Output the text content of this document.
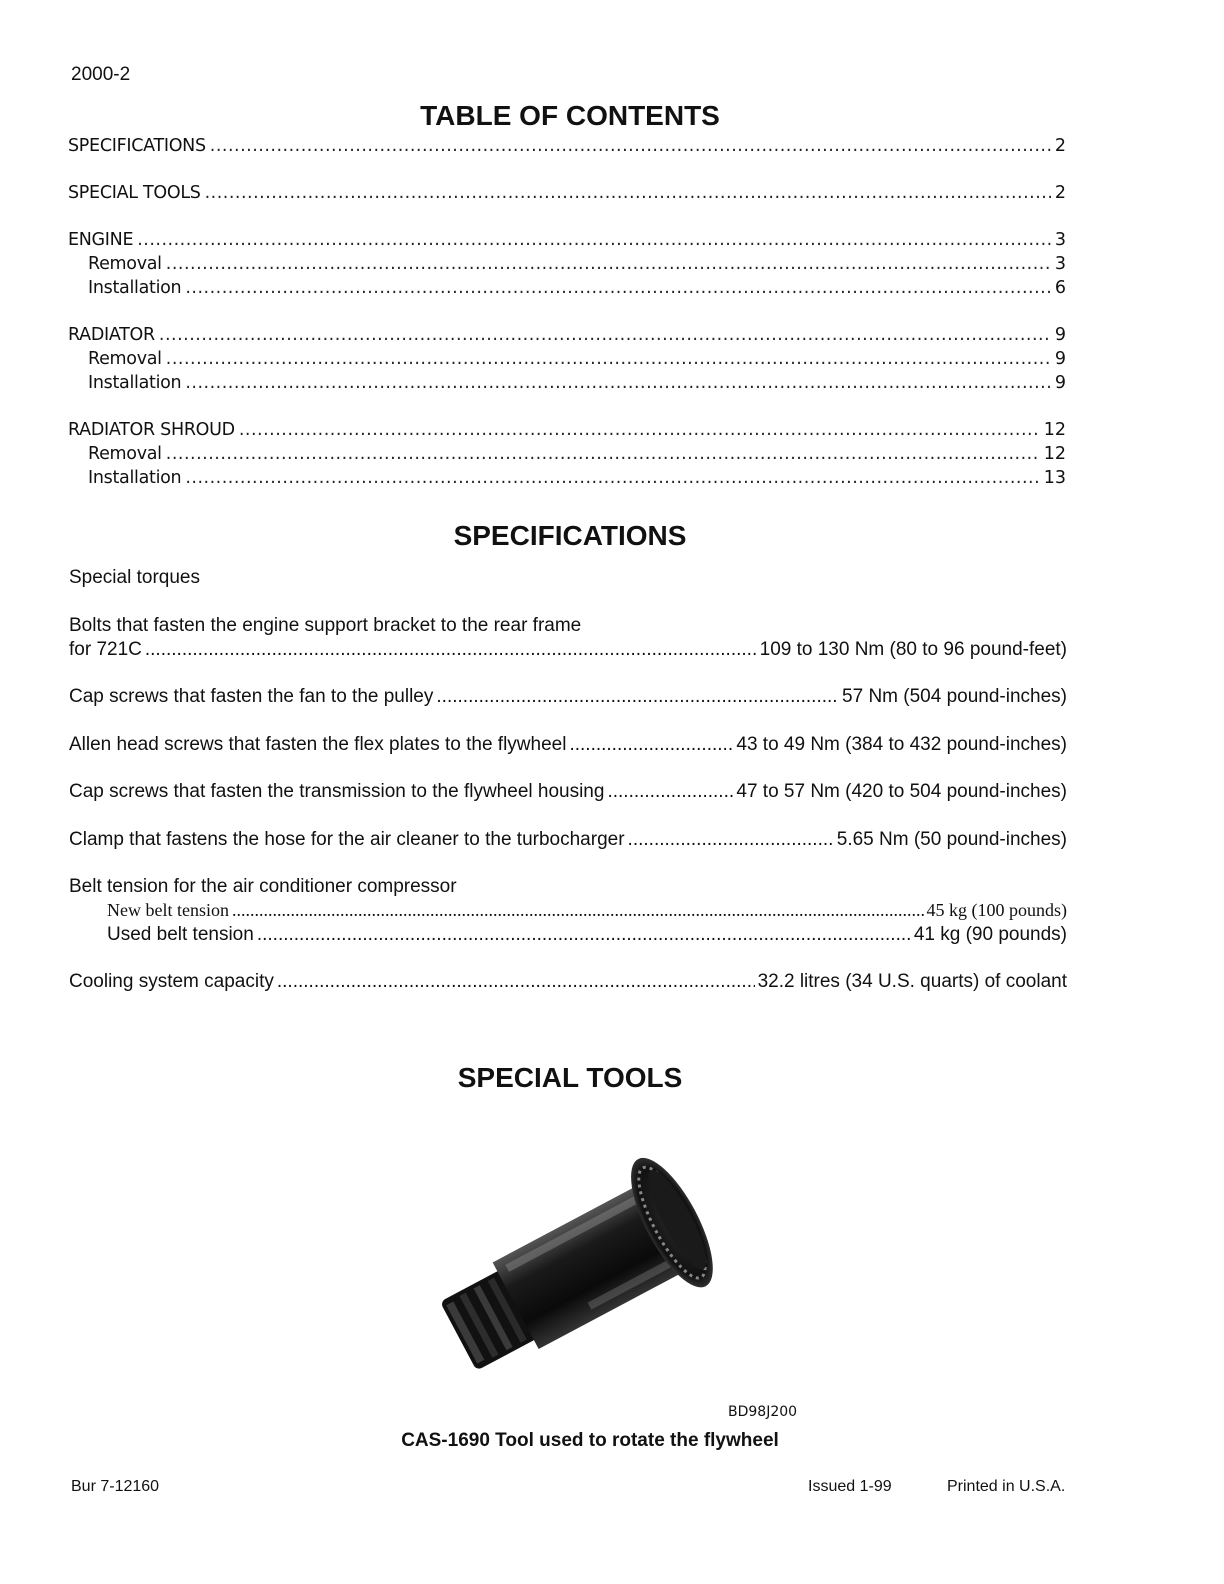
2000-2
TABLE OF CONTENTS
SPECIFICATIONS .....	2
SPECIAL TOOLS .....	2
ENGINE .....	3
Removal .....	3
Installation .....	6
RADIATOR .....	9
Removal .....	9
Installation .....	9
RADIATOR SHROUD .....	12
Removal .....	12
Installation .....	13
SPECIFICATIONS
Special torques
Bolts that fasten the engine support bracket to the rear frame
for 721C .....	109 to 130 Nm (80 to 96 pound-feet)
Cap screws that fasten the fan to the pulley .....	57 Nm (504 pound-inches)
Allen head screws that fasten the flex plates to the flywheel .....	43 to 49 Nm (384 to 432 pound-inches)
Cap screws that fasten the transmission to the flywheel housing .....	47 to 57 Nm (420 to 504 pound-inches)
Clamp that fastens the hose for the air cleaner to the turbocharger .....	5.65 Nm (50 pound-inches)
Belt tension for the air conditioner compressor
New belt tension .....	45 kg (100 pounds)
Used belt tension .....	41 kg (90 pounds)
Cooling system capacity .....	32.2 litres (34 U.S. quarts) of coolant
SPECIAL TOOLS
BD98J200
CAS-1690 Tool used to rotate the flywheel
Bur 7-12160	Issued 1-99	Printed in U.S.A.
